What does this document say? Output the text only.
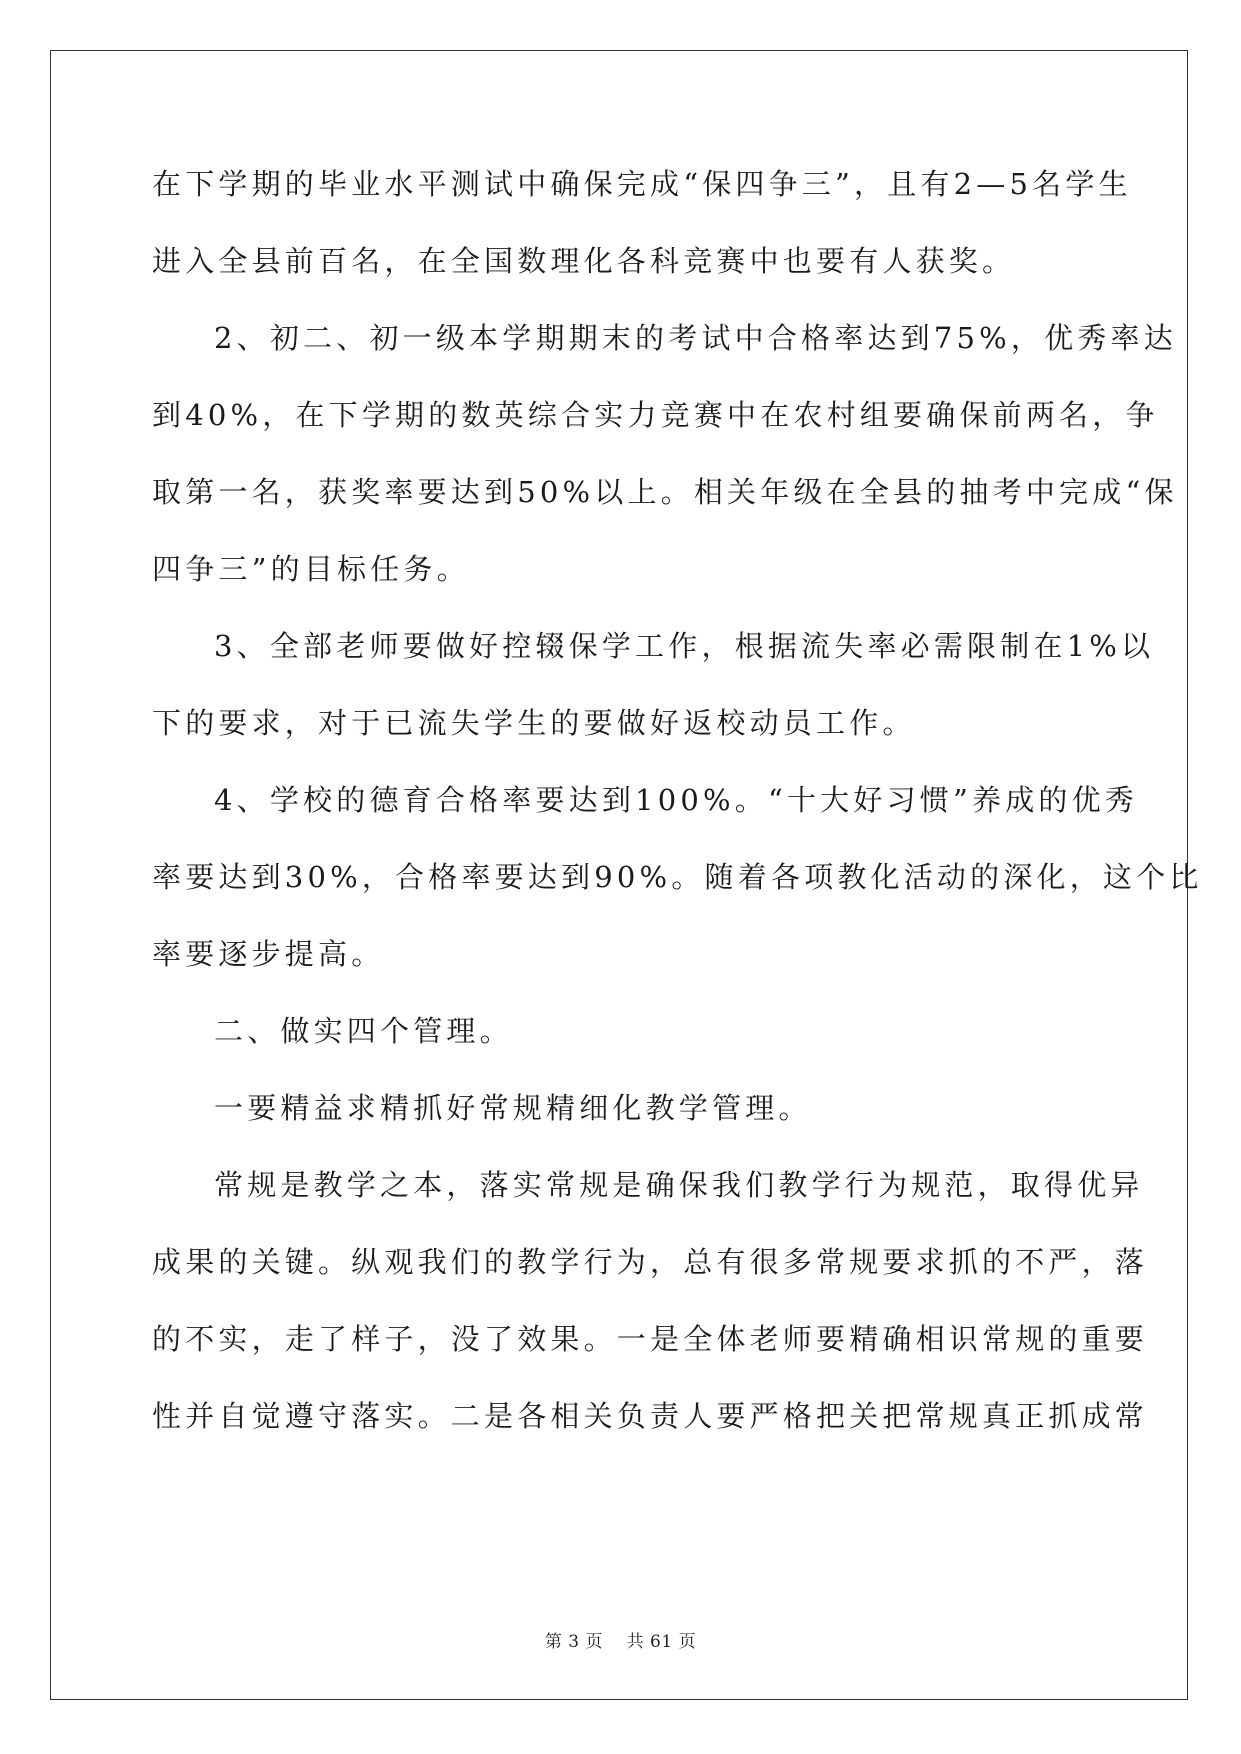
在下学期的毕业水平测试中确保完成“保四争三”，且有2—5名学生
进入全县前百名，在全国数理化各科竞赛中也要有人获奖。
2、初二、初一级本学期期末的考试中合格率达到75%，优秀率达
到40%，在下学期的数英综合实力竞赛中在农村组要确保前两名，争
取第一名，获奖率要达到50%以上。相关年级在全县的抽考中完成“保
四争三”的目标任务。
3、全部老师要做好控辍保学工作，根据流失率必需限制在1%以
下的要求，对于已流失学生的要做好返校动员工作。
4、学校的德育合格率要达到100%。“十大好习惯”养成的优秀
率要达到30%，合格率要达到90%。随着各项教化活动的深化，这个比
率要逐步提高。
二、做实四个管理。
一要精益求精抓好常规精细化教学管理。
常规是教学之本，落实常规是确保我们教学行为规范，取得优异
成果的关键。纵观我们的教学行为，总有很多常规要求抓的不严，落
的不实，走了样子，没了效果。一是全体老师要精确相识常规的重要
性并自觉遵守落实。二是各相关负责人要严格把关把常规真正抓成常
第 3 页 共 61 页
